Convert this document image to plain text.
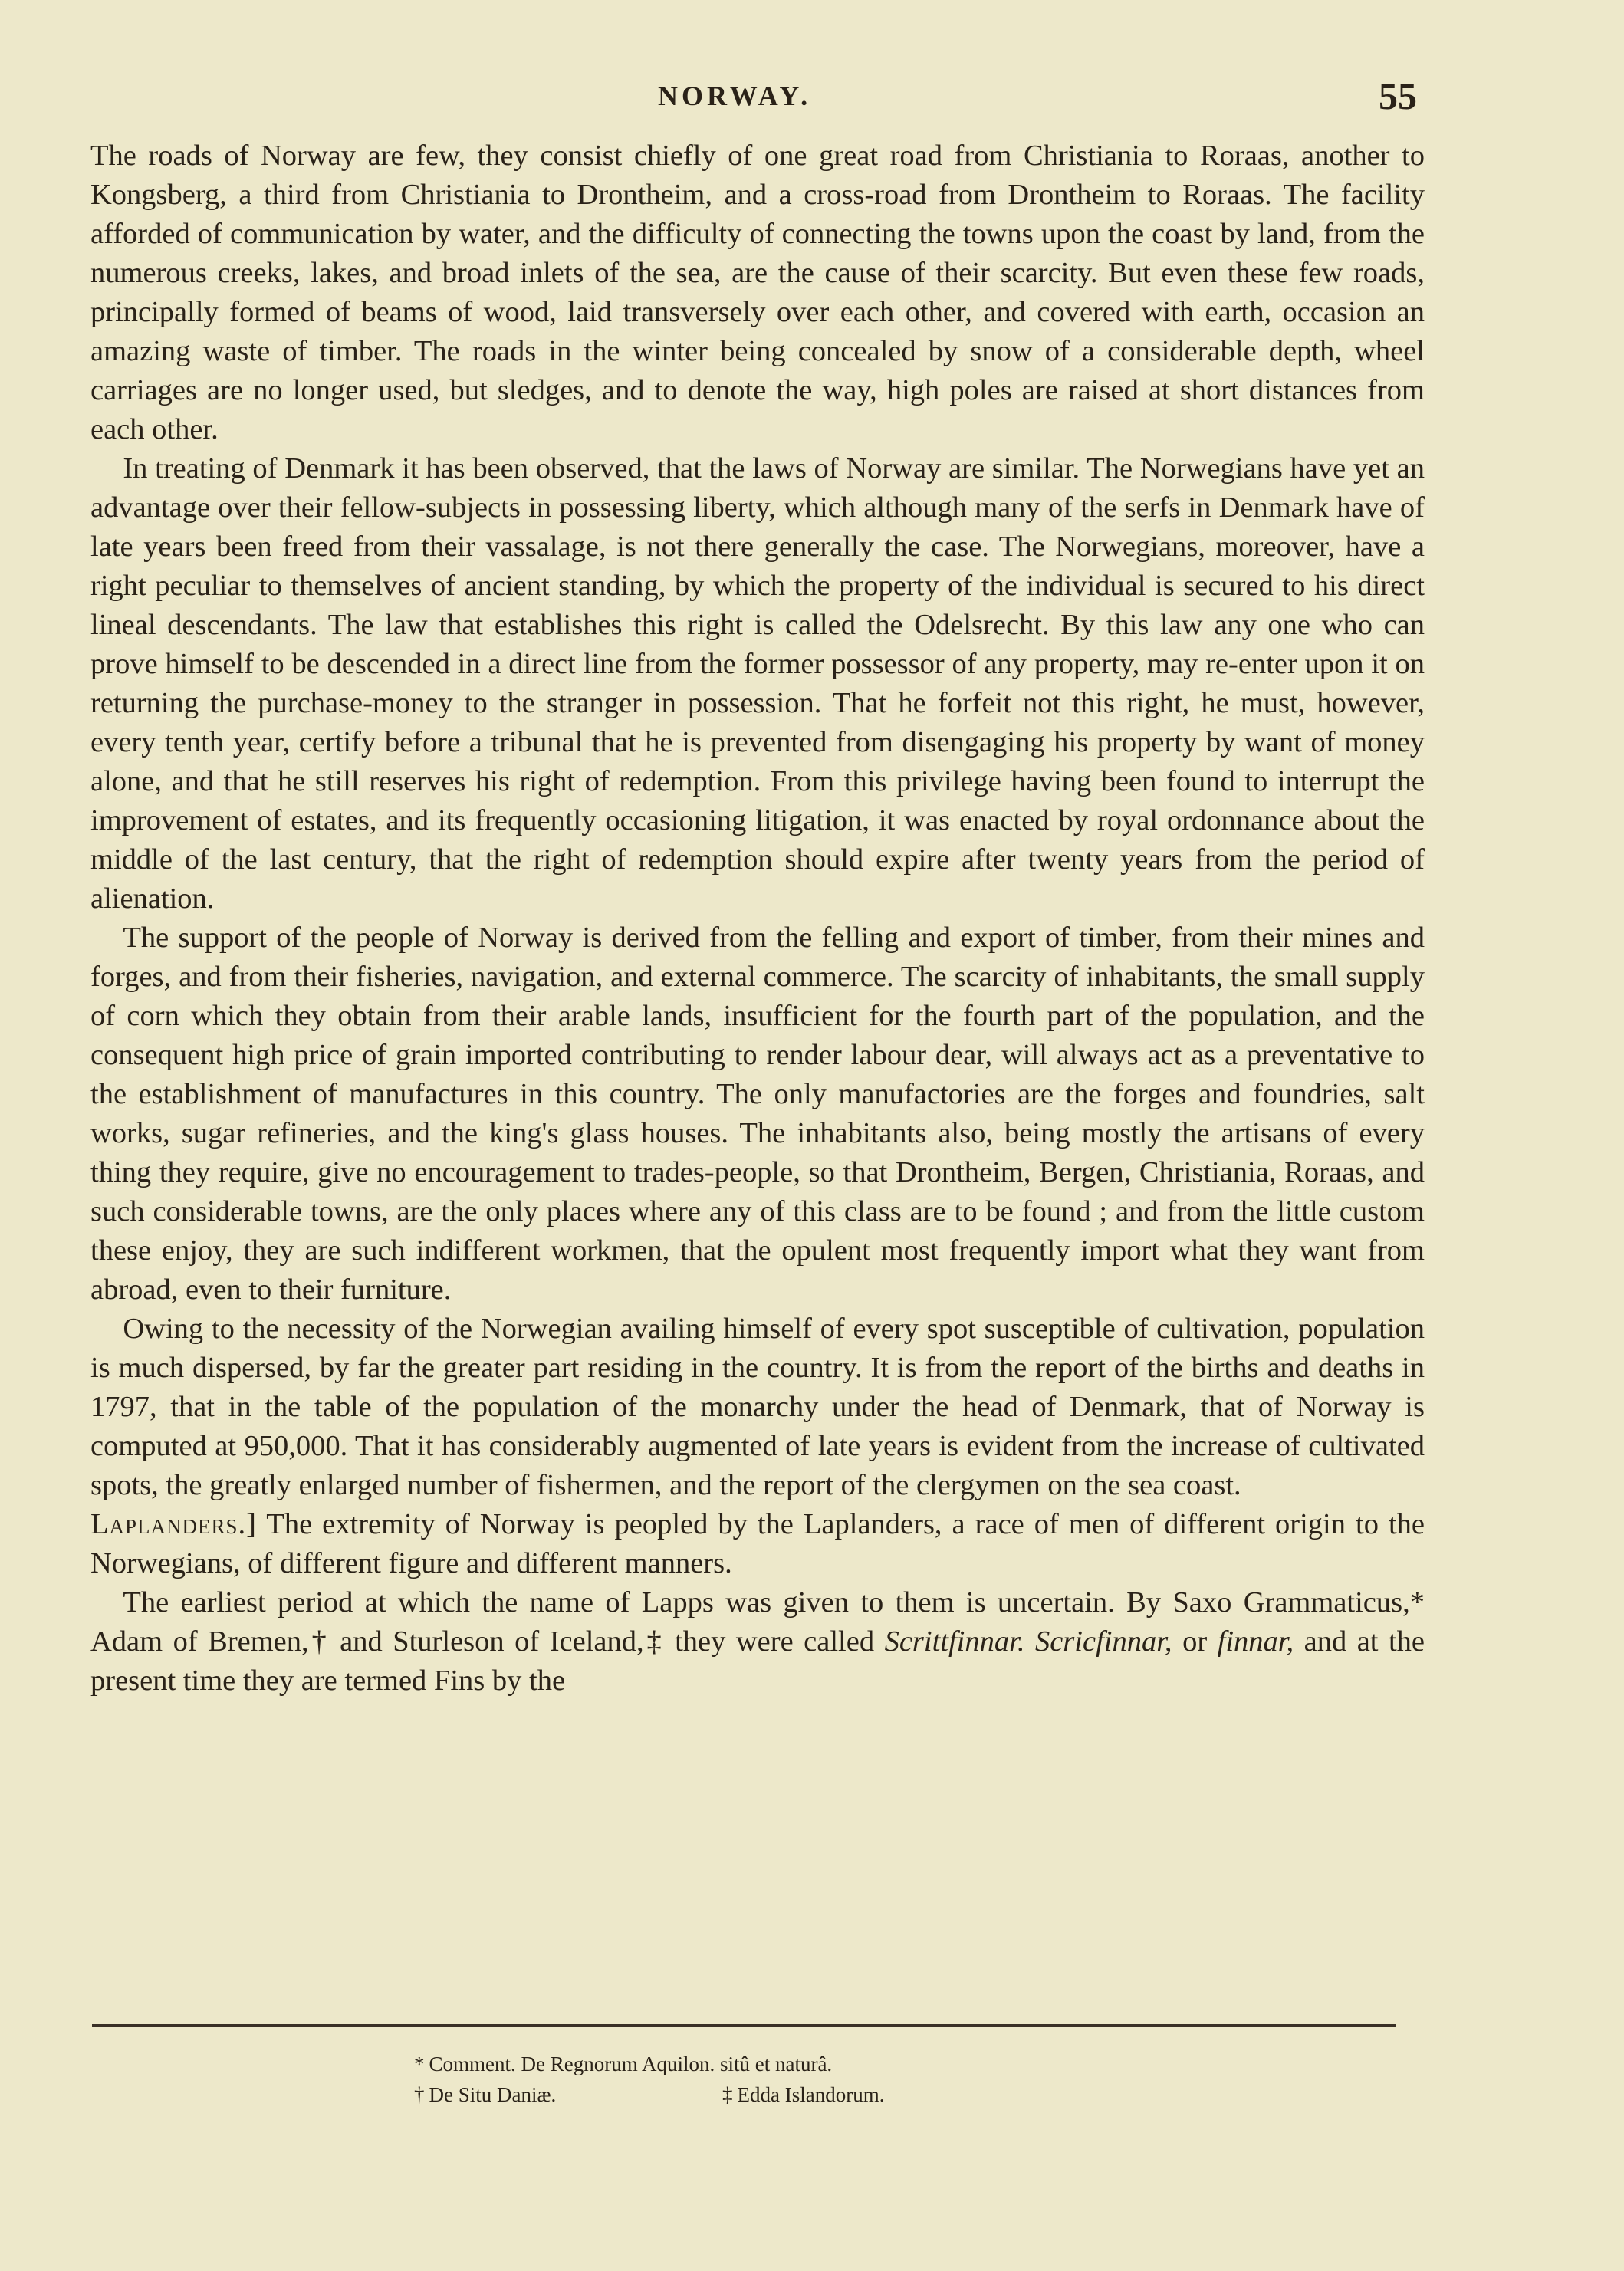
NORWAY.	55

The roads of Norway are few, they consist chiefly of one great road from Christiania to Roraas, another to Kongsberg, a third from Christiania to Drontheim, and a cross-road from Drontheim to Roraas. The facility afforded of communication by water, and the difficulty of connecting the towns upon the coast by land, from the numerous creeks, lakes, and broad inlets of the sea, are the cause of their scarcity. But even these few roads, principally formed of beams of wood, laid transversely over each other, and covered with earth, occasion an amazing waste of timber. The roads in the winter being concealed by snow of a considerable depth, wheel carriages are no longer used, but sledges, and to denote the way, high poles are raised at short distances from each other.

In treating of Denmark it has been observed, that the laws of Norway are similar. The Norwegians have yet an advantage over their fellow-subjects in possessing liberty, which although many of the serfs in Denmark have of late years been freed from their vassalage, is not there generally the case. The Norwegians, moreover, have a right peculiar to themselves of ancient standing, by which the property of the individual is secured to his direct lineal descendants. The law that establishes this right is called the Odelsrecht. By this law any one who can prove himself to be descended in a direct line from the former possessor of any property, may re-enter upon it on returning the purchase-money to the stranger in possession. That he forfeit not this right, he must, however, every tenth year, certify before a tribunal that he is prevented from disengaging his property by want of money alone, and that he still reserves his right of redemption. From this privilege having been found to interrupt the improvement of estates, and its frequently occasioning litigation, it was enacted by royal ordonnance about the middle of the last century, that the right of redemption should expire after twenty years from the period of alienation.

The support of the people of Norway is derived from the felling and export of timber, from their mines and forges, and from their fisheries, navigation, and external commerce. The scarcity of inhabitants, the small supply of corn which they obtain from their arable lands, insufficient for the fourth part of the population, and the consequent high price of grain imported contributing to render labour dear, will always act as a preventative to the establishment of manufactures in this country. The only manufactories are the forges and foundries, salt works, sugar refineries, and the king's glass houses. The inhabitants also, being mostly the artisans of every thing they require, give no encouragement to trades-people, so that Drontheim, Bergen, Christiania, Roraas, and such considerable towns, are the only places where any of this class are to be found ; and from the little custom these enjoy, they are such indifferent workmen, that the opulent most frequently import what they want from abroad, even to their furniture.

Owing to the necessity of the Norwegian availing himself of every spot susceptible of cultivation, population is much dispersed, by far the greater part residing in the country. It is from the report of the births and deaths in 1797, that in the table of the population of the monarchy under the head of Denmark, that of Norway is computed at 950,000. That it has considerably augmented of late years is evident from the increase of cultivated spots, the greatly enlarged number of fishermen, and the report of the clergymen on the sea coast.

Laplanders.] The extremity of Norway is peopled by the Laplanders, a race of men of different origin to the Norwegians, of different figure and different manners.

The earliest period at which the name of Lapps was given to them is uncertain. By Saxo Grammaticus,* Adam of Bremen,† and Sturleson of Iceland,‡ they were called Scrittfinnar. Scricfinnar, or finnar, and at the present time they are termed Fins by the

* Comment. De Regnorum Aquilon. sitû et naturâ.
† De Situ Daniæ.	‡ Edda Islandorum.
